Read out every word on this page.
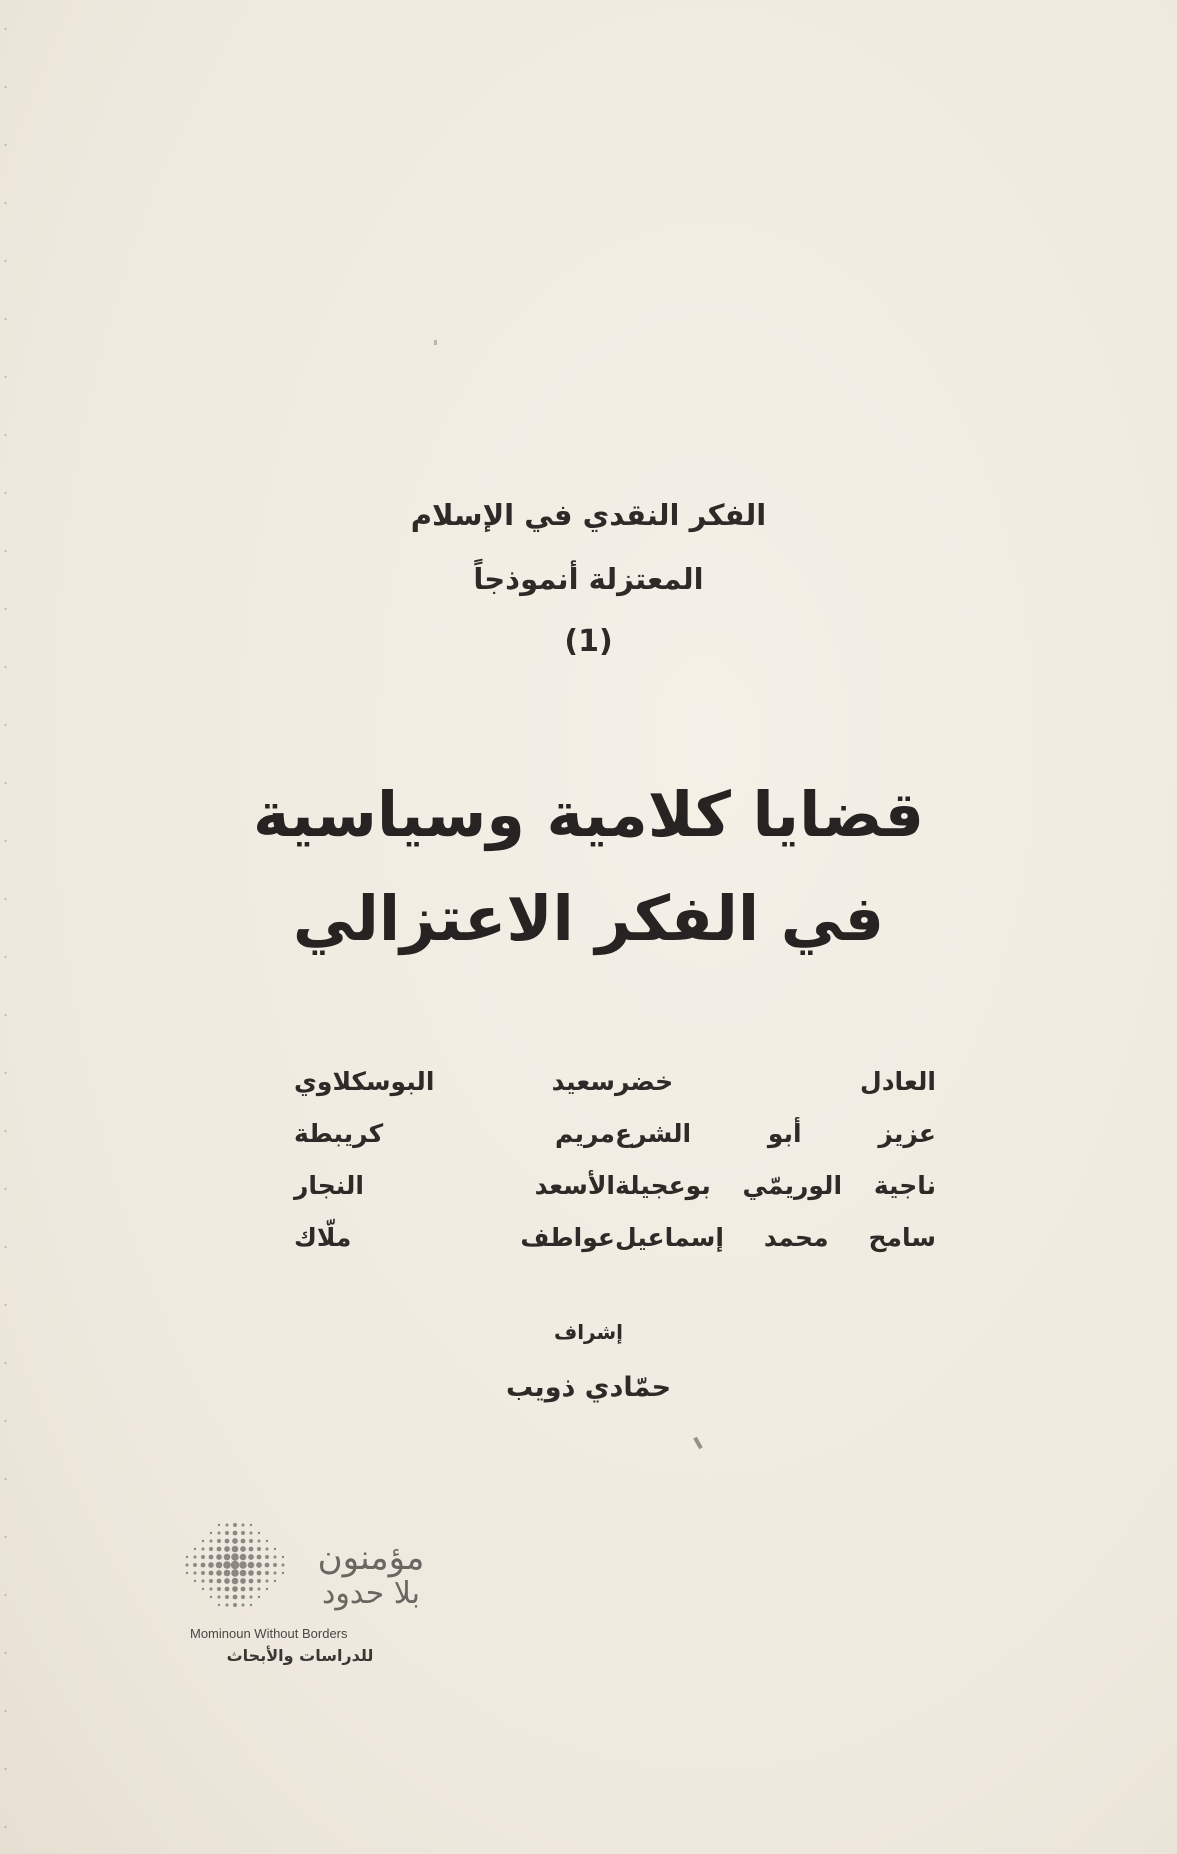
الفكر النقدي في الإسلام
المعتزلة أنموذجاً
(1)
قضايا كلامية وسياسية
في الفكر الاعتزالي
العادل خضر
سعيد البوسكلاوي
عزيز أبو الشرع
مريم كريبطة
ناجية الوريمّي بوعجيلة
الأسعد النجار
سامح محمد إسماعيل
عواطف ملّاك
إشراف
حمّادي ذويب
مؤمنون
بلا حدود
Mominoun Without Borders
للدراسات والأبحاث
